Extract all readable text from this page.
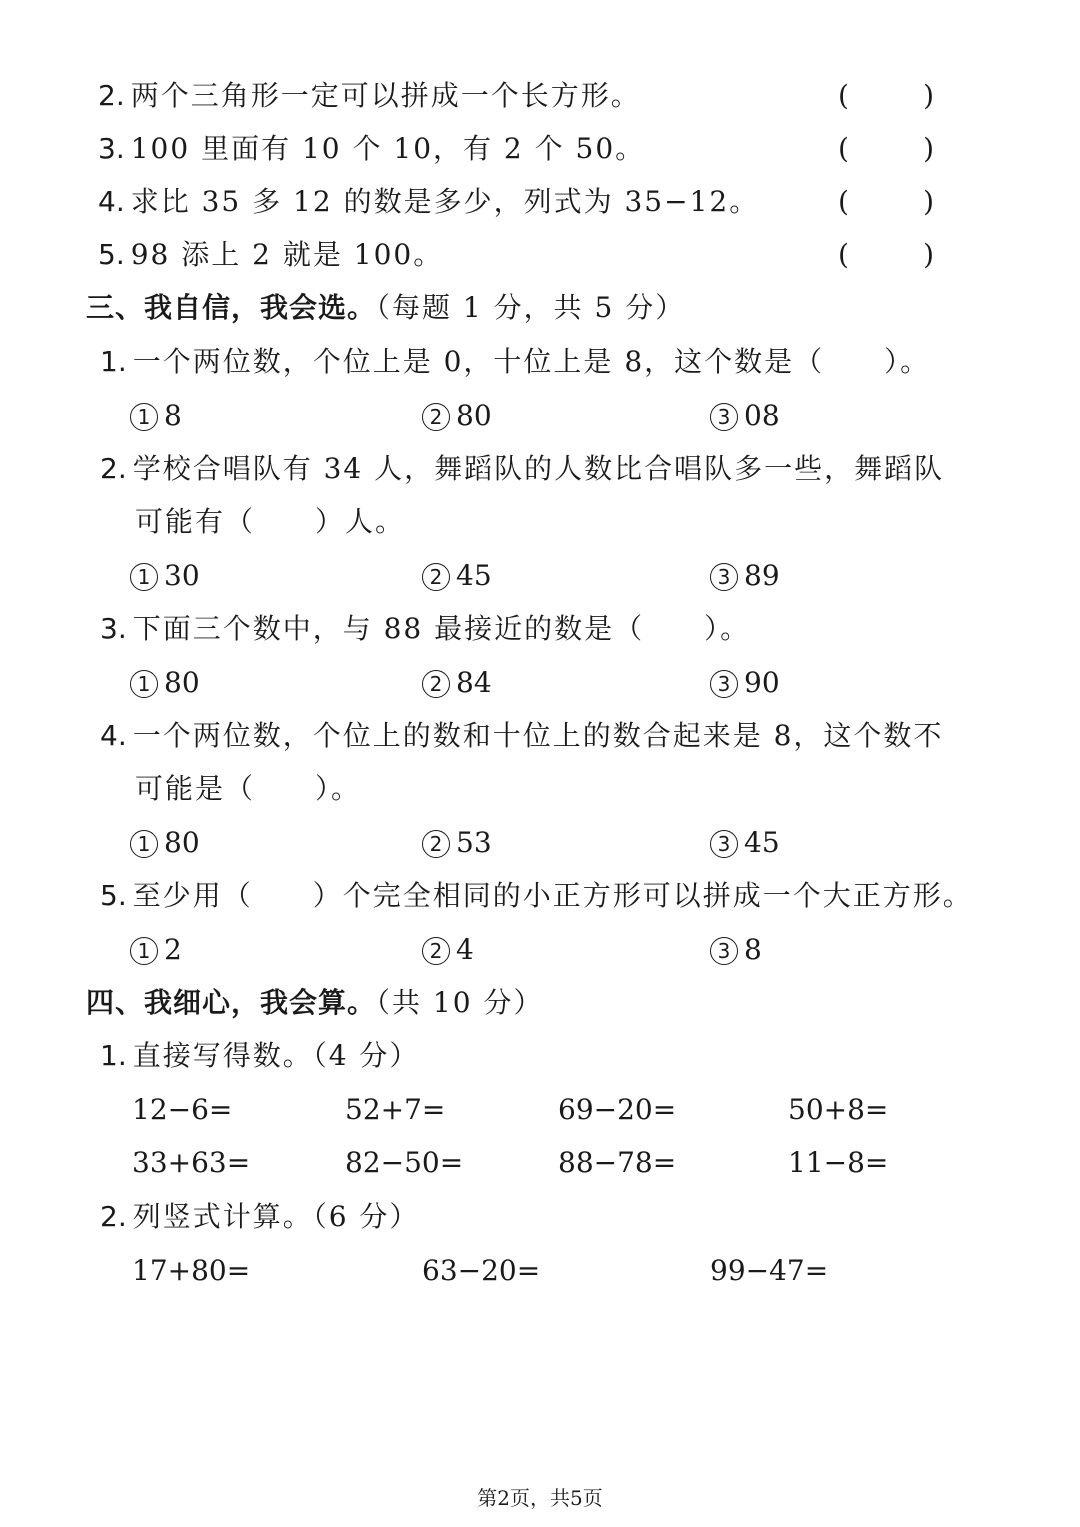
2. 两个三角形一定可以拼成一个长方形。	(	)
3. 100 里面有 10 个 10，有 2 个 50。	(	)
4. 求比 35 多 12 的数是多少，列式为 35−12。	(	)
5. 98 添上 2 就是 100。	(	)
三、我自信，我会选。（每题 1 分，共 5 分）
1. 一个两位数，个位上是 0，十位上是 8，这个数是（　　）。
1 8	2 80	3 08
2. 学校合唱队有 34 人，舞蹈队的人数比合唱队多一些，舞蹈队
可能有（　　）人。
1 30	2 45	3 89
3. 下面三个数中，与 88 最接近的数是（　　）。
1 80	2 84	3 90
4. 一个两位数，个位上的数和十位上的数合起来是 8，这个数不
可能是（　　）。
1 80	2 53	3 45
5. 至少用（　　）个完全相同的小正方形可以拼成一个大正方形。
1 2	2 4	3 8
四、我细心，我会算。（共 10 分）
1. 直接写得数。（4 分）
12−6=	52+7=	69−20=	50+8=
33+63=	82−50=	88−78=	11−8=
2. 列竖式计算。（6 分）
17+80=	63−20=	99−47=
第2页，共5页
